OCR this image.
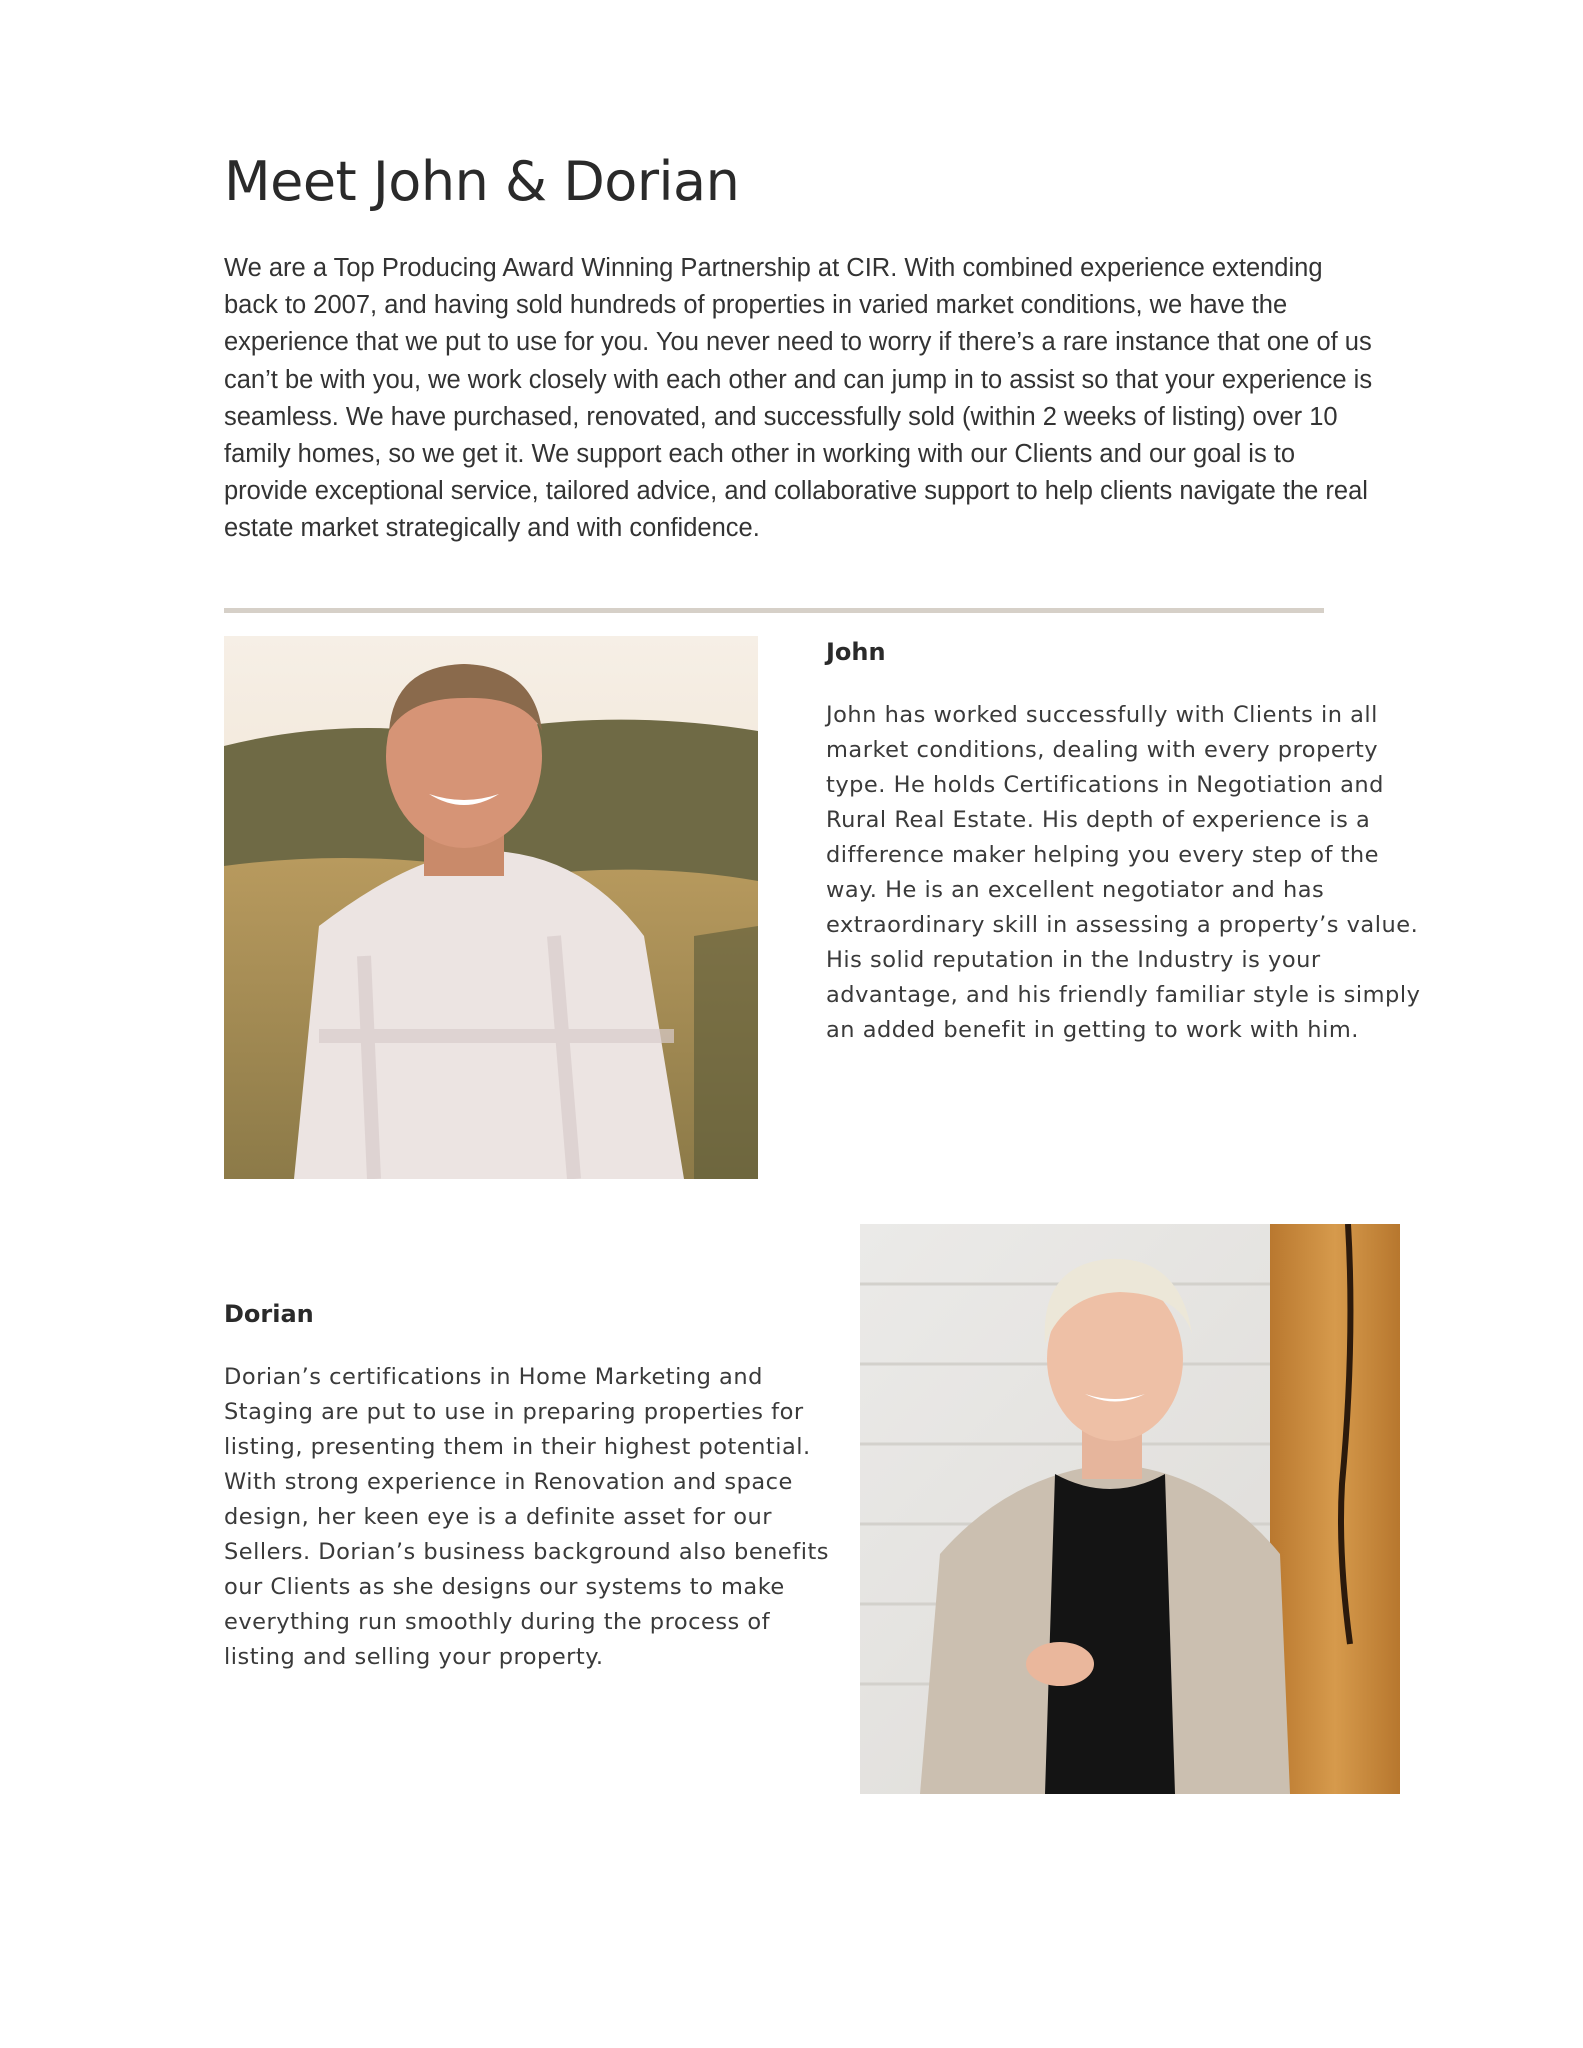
Meet John & Dorian

We are a Top Producing Award Winning Partnership at CIR. With combined experience extending back to 2007, and having sold hundreds of properties in varied market conditions, we have the experience that we put to use for you. You never need to worry if there’s a rare instance that one of us can’t be with you, we work closely with each other and can jump in to assist so that your experience is seamless. We have purchased, renovated, and successfully sold (within 2 weeks of listing) over 10 family homes, so we get it. We support each other in working with our Clients and our goal is to provide exceptional service, tailored advice, and collaborative support to help clients navigate the real estate market strategically and with confidence.

John

John has worked successfully with Clients in all market conditions, dealing with every property type. He holds Certifications in Negotiation and Rural Real Estate. His depth of experience is a difference maker helping you every step of the way. He is an excellent negotiator and has extraordinary skill in assessing a property’s value. His solid reputation in the Industry is your advantage, and his friendly familiar style is simply an added benefit in getting to work with him.

Dorian

Dorian’s certifications in Home Marketing and Staging are put to use in preparing properties for listing, presenting them in their highest potential. With strong experience in Renovation and space design, her keen eye is a definite asset for our Sellers. Dorian’s business background also benefits our Clients as she designs our systems to make everything run smoothly during the process of listing and selling your property.
